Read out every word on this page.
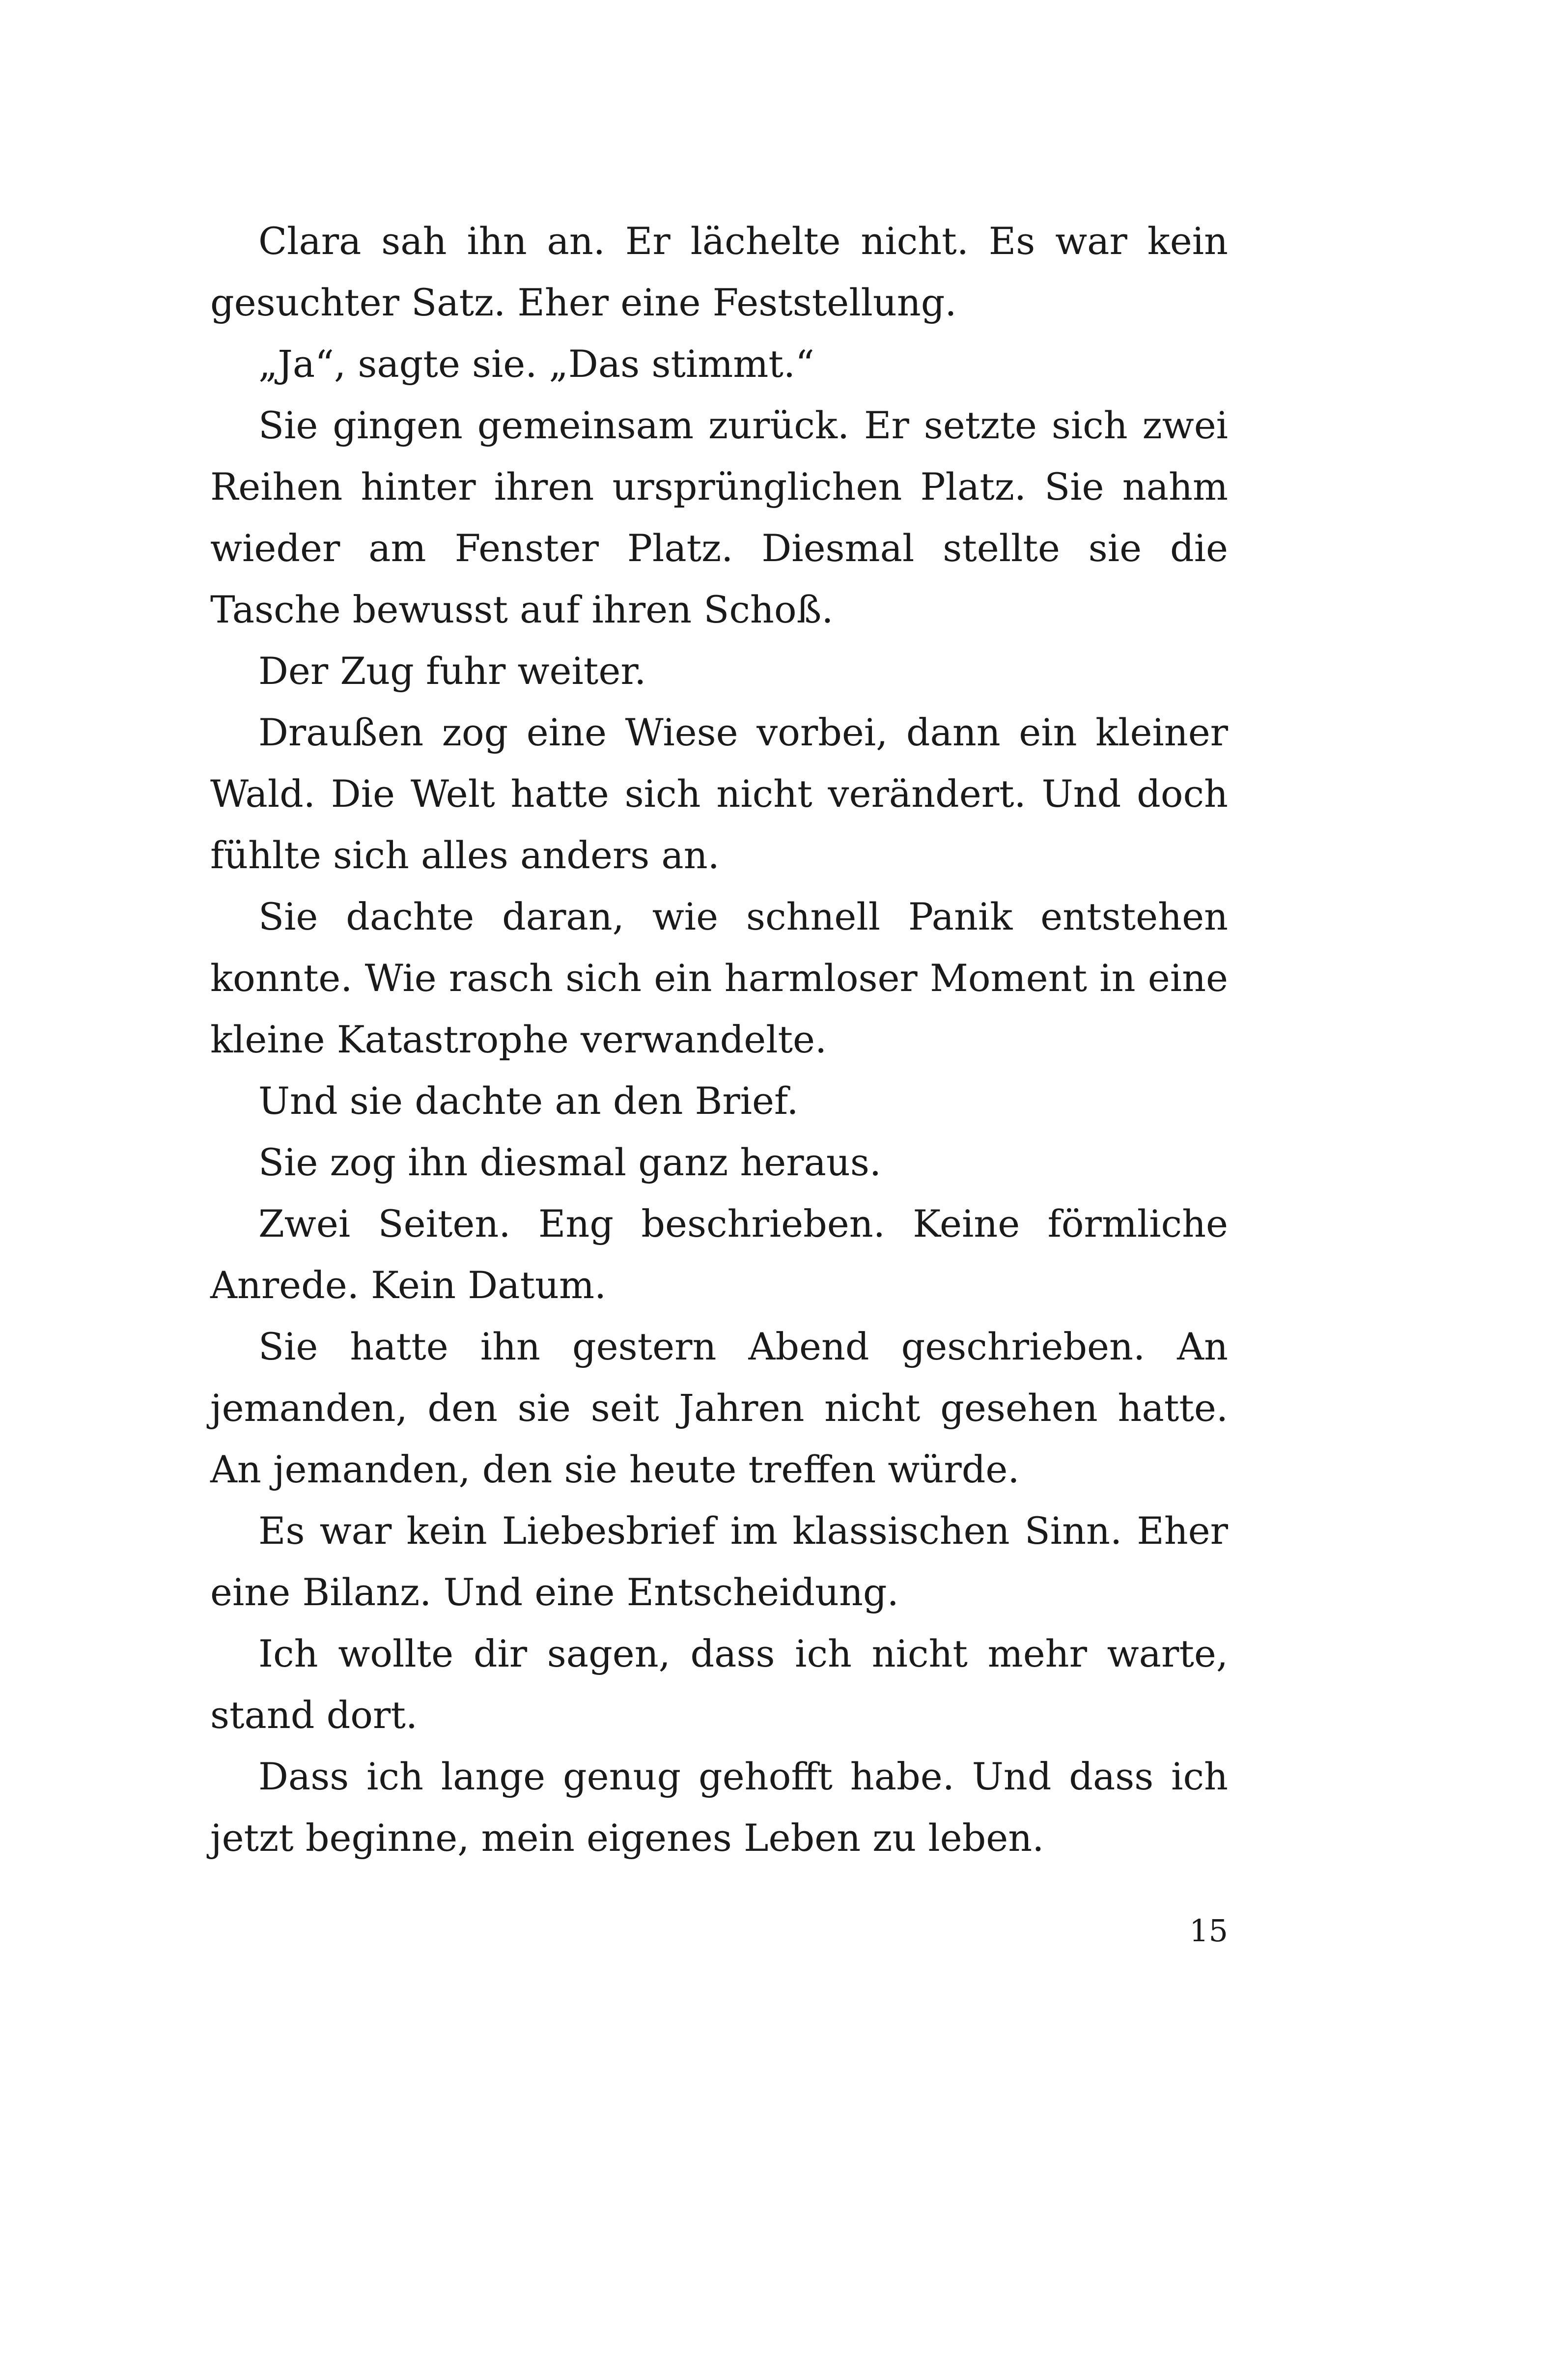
Clara sah ihn an. Er lächelte nicht. Es war kein gesuchter Satz. Eher eine Feststellung.

„Ja“, sagte sie. „Das stimmt.“

Sie gingen gemeinsam zurück. Er setzte sich zwei Reihen hinter ihren ursprünglichen Platz. Sie nahm wieder am Fenster Platz. Diesmal stellte sie die Tasche bewusst auf ihren Schoß.

Der Zug fuhr weiter.

Draußen zog eine Wiese vorbei, dann ein kleiner Wald. Die Welt hatte sich nicht verändert. Und doch fühlte sich alles anders an.

Sie dachte daran, wie schnell Panik entstehen konnte. Wie rasch sich ein harmloser Moment in eine kleine Katastrophe verwandelte.

Und sie dachte an den Brief.

Sie zog ihn diesmal ganz heraus.

Zwei Seiten. Eng beschrieben. Keine förmliche Anrede. Kein Datum.

Sie hatte ihn gestern Abend geschrieben. An jemanden, den sie seit Jahren nicht gesehen hatte. An jemanden, den sie heute treffen würde.

Es war kein Liebesbrief im klassischen Sinn. Eher eine Bilanz. Und eine Entscheidung.

Ich wollte dir sagen, dass ich nicht mehr warte, stand dort.

Dass ich lange genug gehofft habe. Und dass ich jetzt beginne, mein eigenes Leben zu leben.

15
